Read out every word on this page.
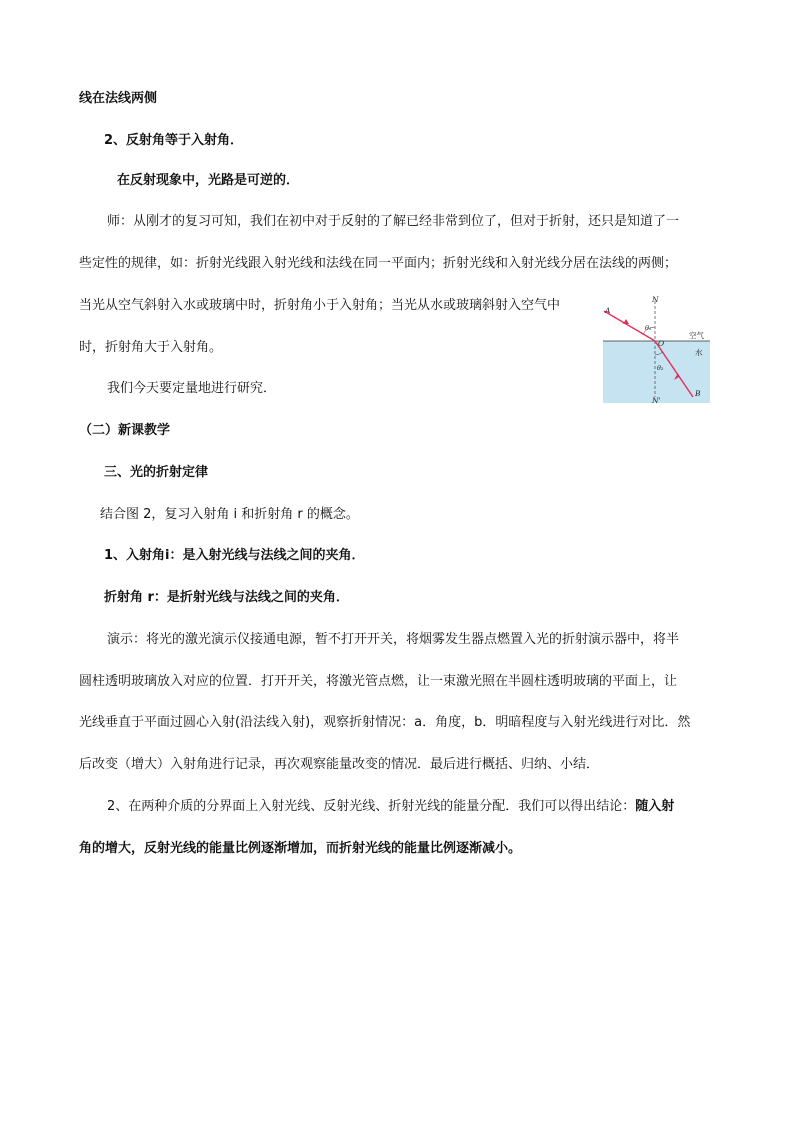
线在法线两侧
2、反射角等于入射角．
在反射现象中，光路是可逆的．
师：从刚才的复习可知，我们在初中对于反射的了解已经非常到位了，但对于折射，还只是知道了一
些定性的规律，如：折射光线跟入射光线和法线在同一平面内；折射光线和入射光线分居在法线的两侧；
当光从空气斜射入水或玻璃中时，折射角小于入射角；当光从水或玻璃斜射入空气中
时，折射角大于入射角。
我们今天要定量地进行研究．
（二）新课教学
三、光的折射定律
结合图 2，复习入射角 i 和折射角 r 的概念。
1、入射角i：是入射光线与法线之间的夹角．
折射角 r：是折射光线与法线之间的夹角．
演示：将光的激光演示仪接通电源，暂不打开开关，将烟雾发生器点燃置入光的折射演示器中，将半
圆柱透明玻璃放入对应的位置．打开开关，将激光管点燃，让一束激光照在半圆柱透明玻璃的平面上，让
光线垂直于平面过圆心入射(沿法线入射)，观察折射情况：a．角度，b．明暗程度与入射光线进行对比．然
后改变（增大）入射角进行记录，再次观察能量改变的情况．最后进行概括、归纳、小结．
2、在两种介质的分界面上入射光线、反射光线、折射光线的能量分配．我们可以得出结论：随入射
角的增大，反射光线的能量比例逐渐增加，而折射光线的能量比例逐渐减小。
A
N
θ₁
O
θ₂
B
N'
空气
水
